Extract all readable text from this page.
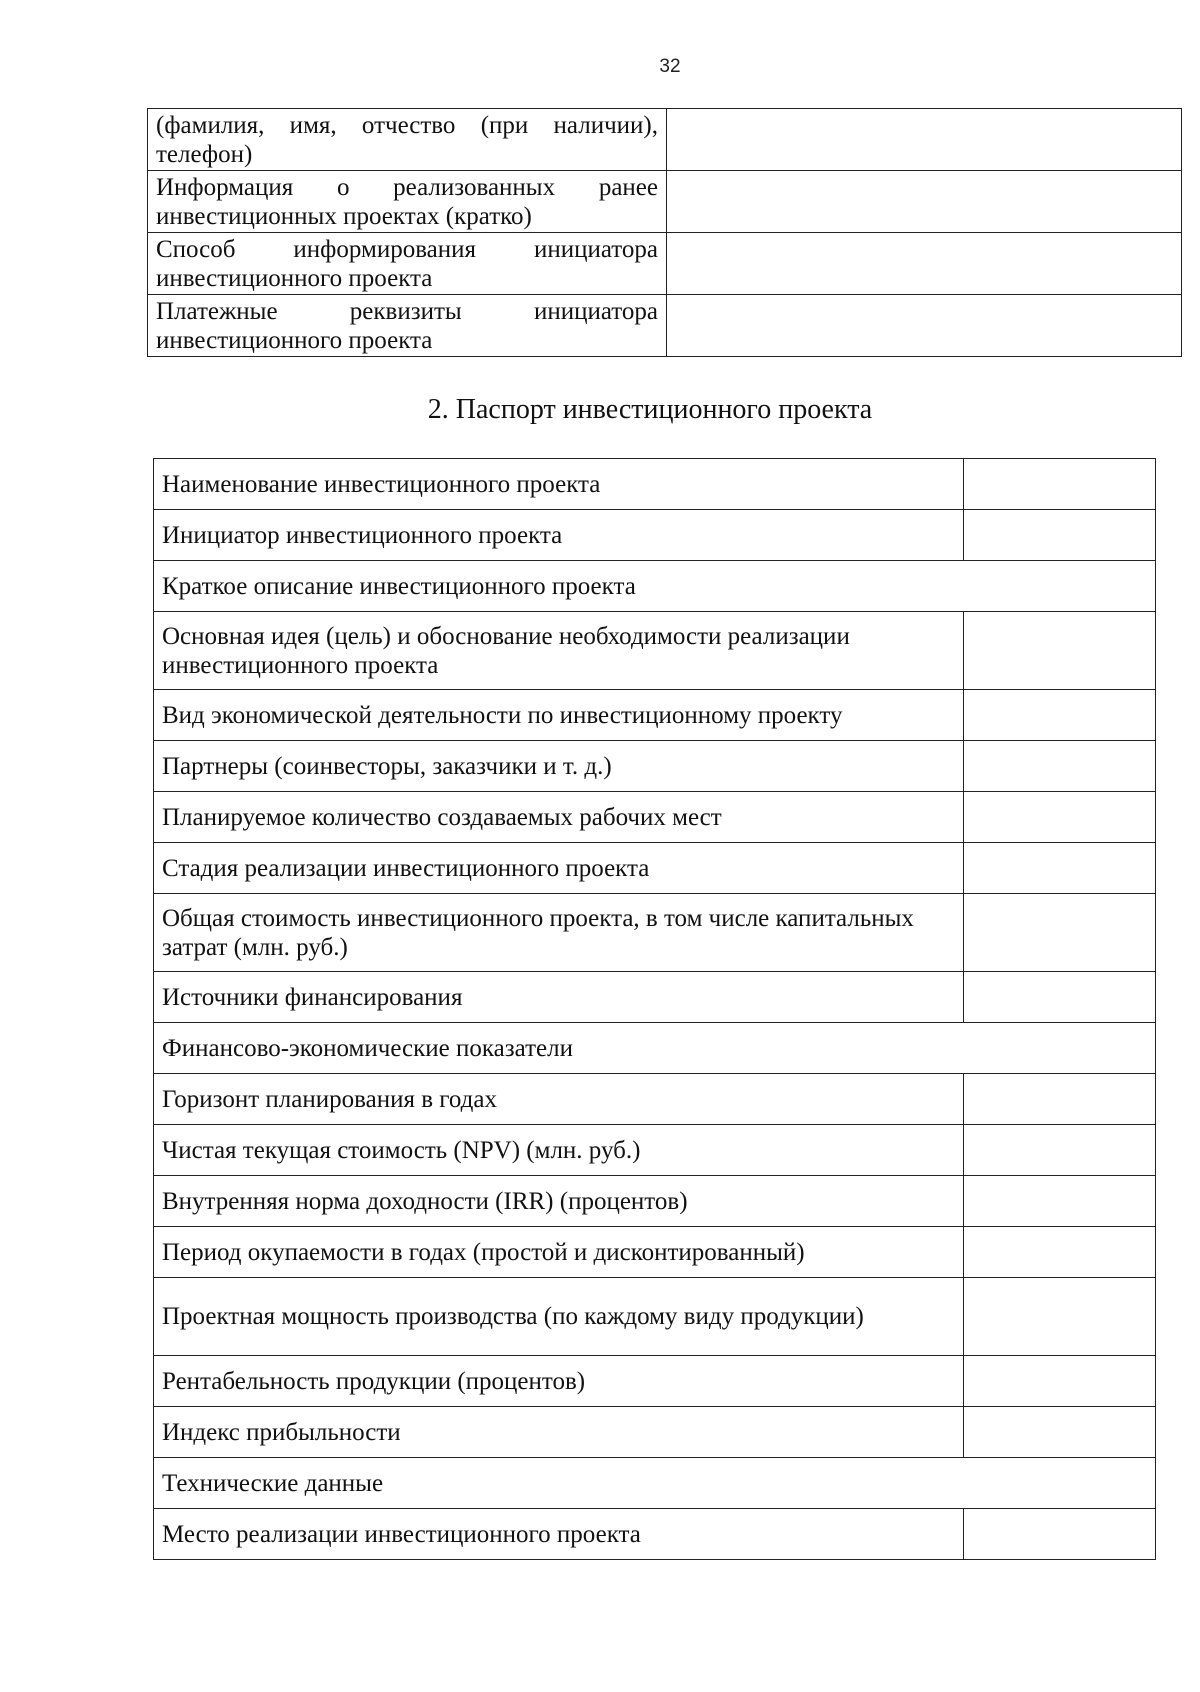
32
(фамилия, имя, отчество (при наличии),
телефон)	

Информация о реализованных ранее
инвестиционных проектах (кратко)	

Способ информирования инициатора
инвестиционного проекта	

Платежные реквизиты инициатора
инвестиционного проекта	

2. Паспорт инвестиционного проекта
Наименование инвестиционного проекта	
Инициатор инвестиционного проекта	
Краткое описание инвестиционного проекта	
Основная идея (цель) и обоснование необходимости реализации инвестиционного проекта	
Вид экономической деятельности по инвестиционному проекту	
Партнеры (соинвесторы, заказчики и т. д.)	
Планируемое количество создаваемых рабочих мест	
Стадия реализации инвестиционного проекта	
Общая стоимость инвестиционного проекта, в том числе капитальных затрат (млн. руб.)	
Источники финансирования	
Финансово-экономические показатели	
Горизонт планирования в годах	
Чистая текущая стоимость (NPV) (млн. руб.)	
Внутренняя норма доходности (IRR) (процентов)	
Период окупаемости в годах (простой и дисконтированный)	
Проектная мощность производства (по каждому виду продукции)	
Рентабельность продукции (процентов)	
Индекс прибыльности	
Технические данные	
Место реализации инвестиционного проекта	
